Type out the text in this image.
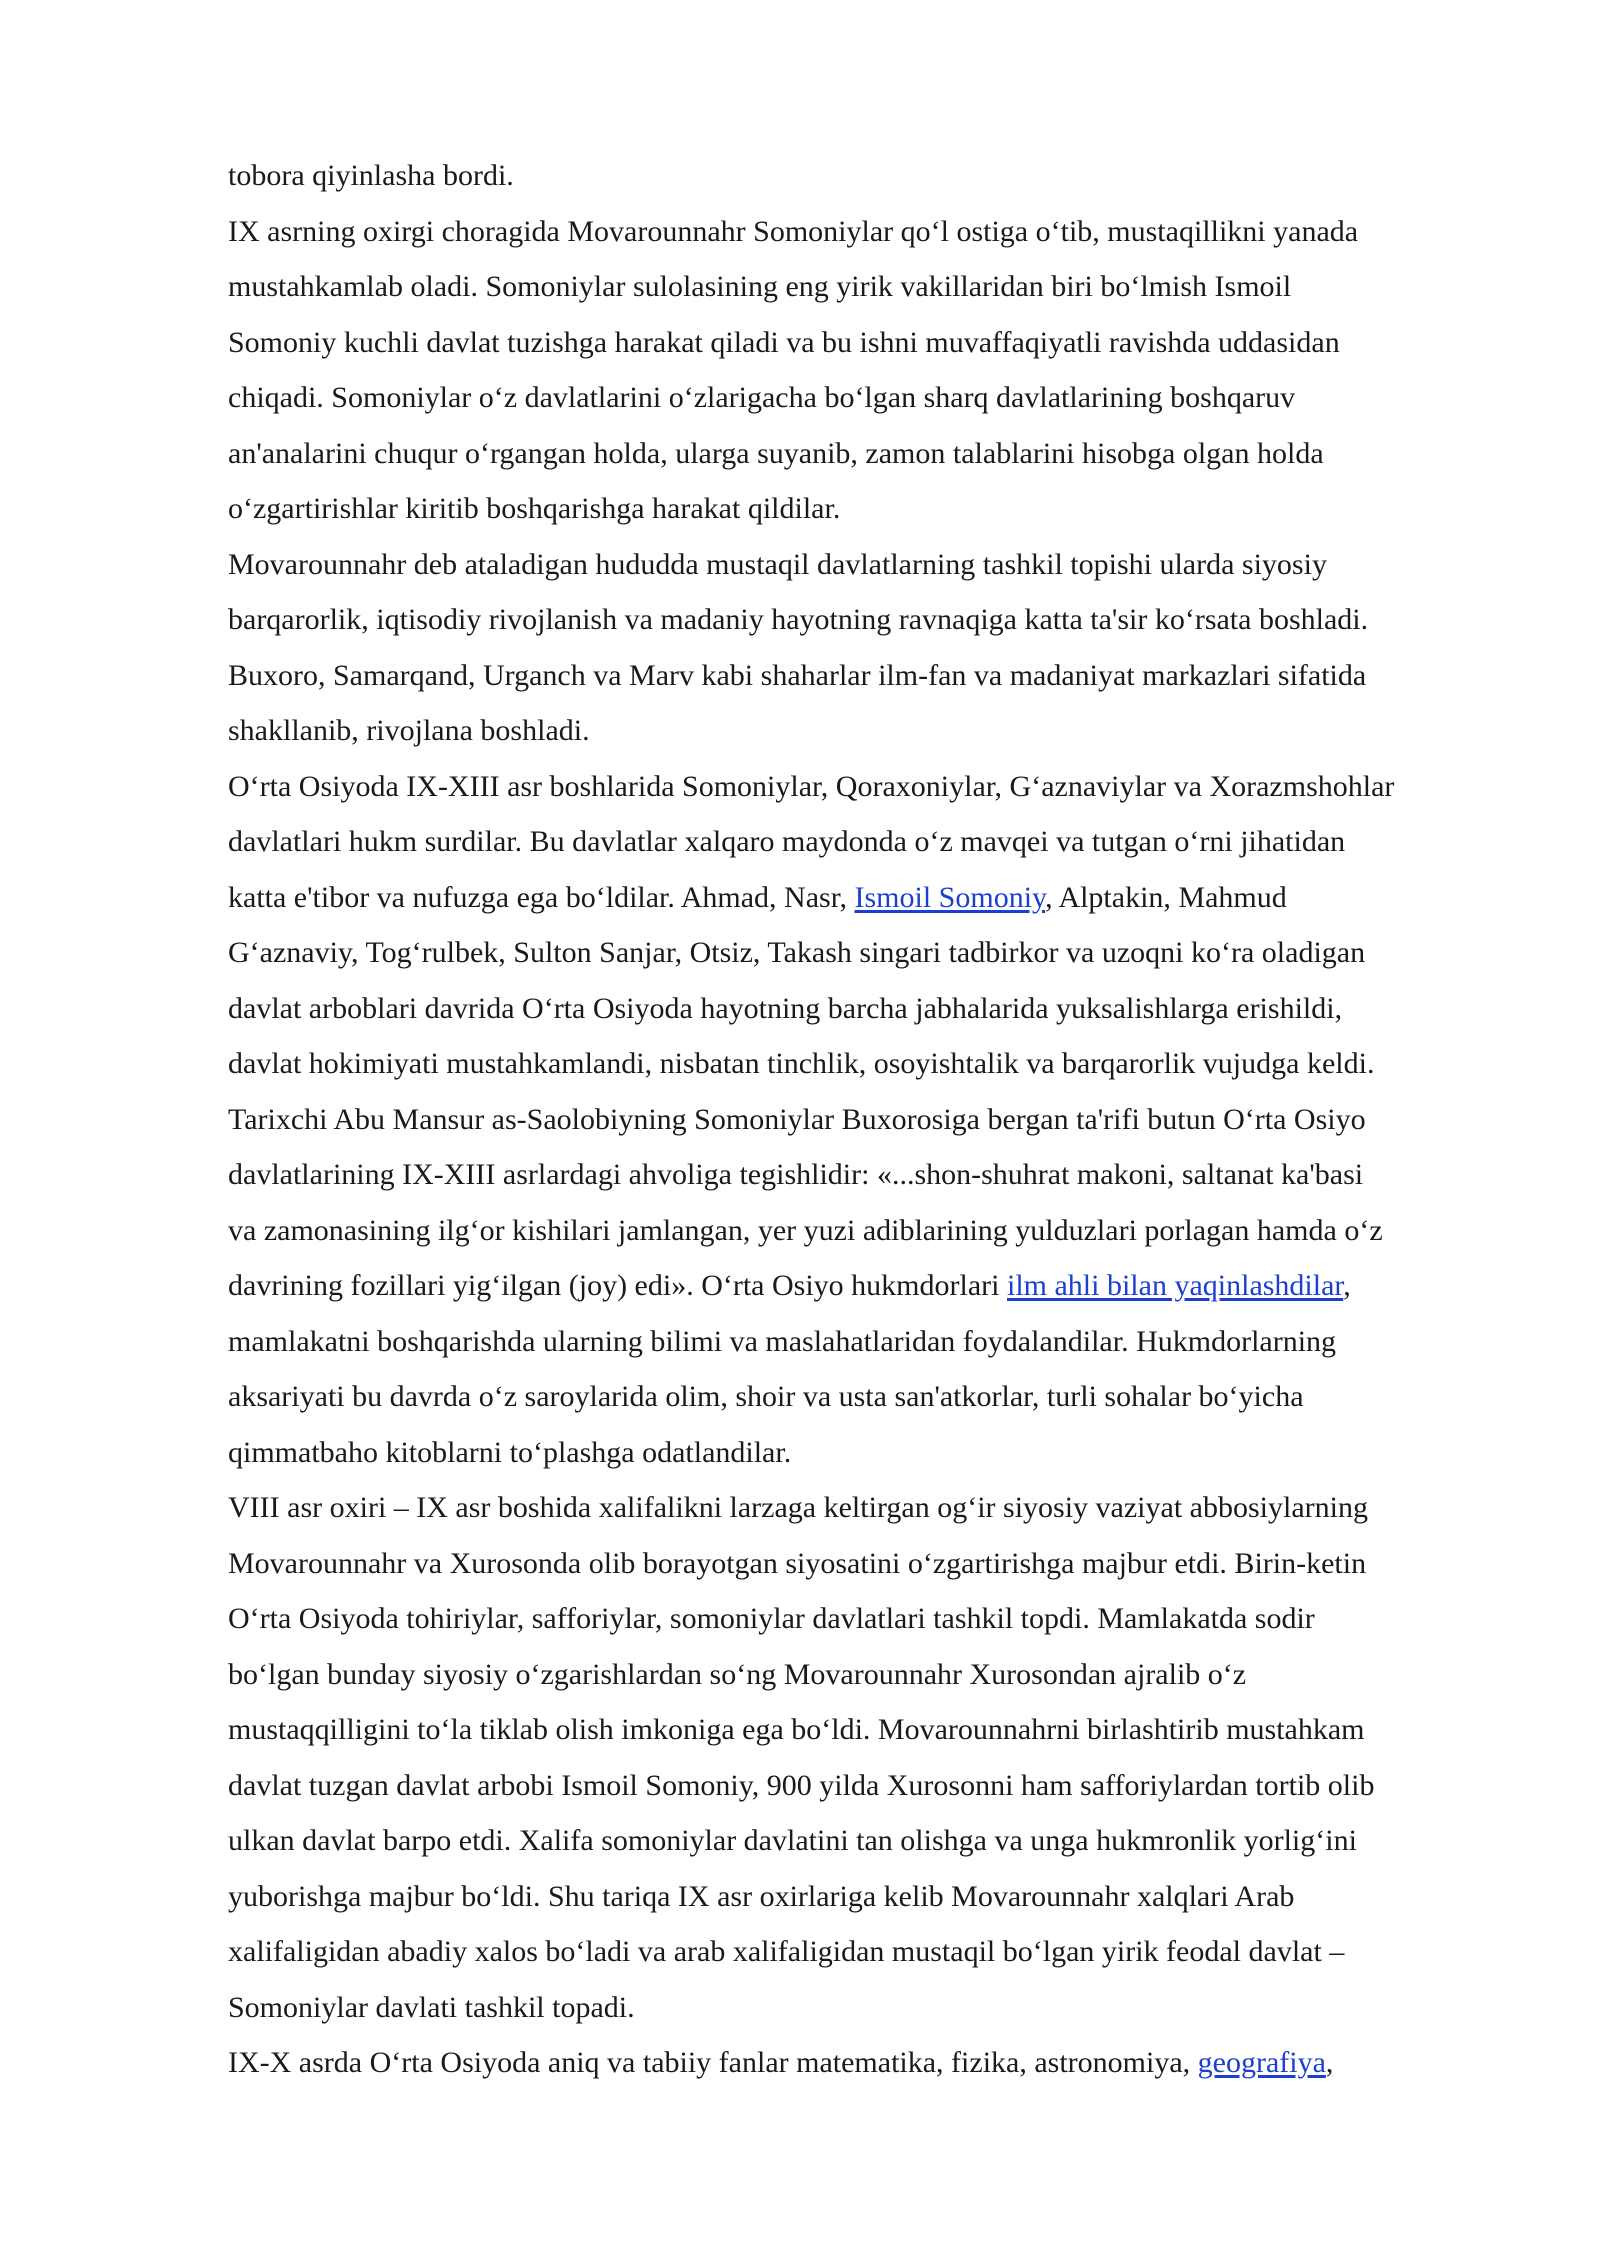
tobora qiyinlasha bordi.
IX asrning oxirgi choragida Movarounnahr Somoniylar qo‘l ostiga o‘tib, mustaqillikni yanada
mustahkamlab oladi. Somoniylar sulolasining eng yirik vakillaridan biri bo‘lmish Ismoil
Somoniy kuchli davlat tuzishga harakat qiladi va bu ishni muvaffaqiyatli ravishda uddasidan
chiqadi. Somoniylar o‘z davlatlarini o‘zlarigacha bo‘lgan sharq davlatlarining boshqaruv
an'analarini chuqur o‘rgangan holda, ularga suyanib, zamon talablarini hisobga olgan holda
o‘zgartirishlar kiritib boshqarishga harakat qildilar.
Movarounnahr deb ataladigan hududda mustaqil davlatlarning tashkil topishi ularda siyosiy
barqarorlik, iqtisodiy rivojlanish va madaniy hayotning ravnaqiga katta ta'sir ko‘rsata boshladi.
Buxoro, Samarqand, Urganch va Marv kabi shaharlar ilm-fan va madaniyat markazlari sifatida
shakllanib, rivojlana boshladi.
O‘rta Osiyoda IX-XIII asr boshlarida Somoniylar, Qoraxoniylar, G‘aznaviylar va Xorazmshohlar
davlatlari hukm surdilar. Bu davlatlar xalqaro maydonda o‘z mavqei va tutgan o‘rni jihatidan
katta e'tibor va nufuzga ega bo‘ldilar. Ahmad, Nasr, Ismoil Somoniy, Alptakin, Mahmud
G‘aznaviy, Tog‘rulbek, Sulton Sanjar, Otsiz, Takash singari tadbirkor va uzoqni ko‘ra oladigan
davlat arboblari davrida O‘rta Osiyoda hayotning barcha jabhalarida yuksalishlarga erishildi,
davlat hokimiyati mustahkamlandi, nisbatan tinchlik, osoyishtalik va barqarorlik vujudga keldi.
Tarixchi Abu Mansur as-Saolobiyning Somoniylar Buxorosiga bergan ta'rifi butun O‘rta Osiyo
davlatlarining IX-XIII asrlardagi ahvoliga tegishlidir: «...shon-shuhrat makoni, saltanat ka'basi
va zamonasining ilg‘or kishilari jamlangan, yer yuzi adiblarining yulduzlari porlagan hamda o‘z
davrining fozillari yig‘ilgan (joy) edi». O‘rta Osiyo hukmdorlari ilm ahli bilan yaqinlashdilar,
mamlakatni boshqarishda ularning bilimi va maslahatlaridan foydalandilar. Hukmdorlarning
aksariyati bu davrda o‘z saroylarida olim, shoir va usta san'atkorlar, turli sohalar bo‘yicha
qimmatbaho kitoblarni to‘plashga odatlandilar.
VIII asr oxiri – IX asr boshida xalifalikni larzaga keltirgan og‘ir siyosiy vaziyat abbosiylarning
Movarounnahr va Xurosonda olib borayotgan siyosatini o‘zgartirishga majbur etdi. Birin-ketin
O‘rta Osiyoda tohiriylar, safforiylar, somoniylar davlatlari tashkil topdi. Mamlakatda sodir
bo‘lgan bunday siyosiy o‘zgarishlardan so‘ng Movarounnahr Xurosondan ajralib o‘z
mustaqqilligini to‘la tiklab olish imkoniga ega bo‘ldi. Movarounnahrni birlashtirib mustahkam
davlat tuzgan davlat arbobi Ismoil Somoniy, 900 yilda Xurosonni ham safforiylardan tortib olib
ulkan davlat barpo etdi. Xalifa somoniylar davlatini tan olishga va unga hukmronlik yorlig‘ini
yuborishga majbur bo‘ldi. Shu tariqa IX asr oxirlariga kelib Movarounnahr xalqlari Arab
xalifaligidan abadiy xalos bo‘ladi va arab xalifaligidan mustaqil bo‘lgan yirik feodal davlat –
Somoniylar davlati tashkil topadi.
IX-X asrda O‘rta Osiyoda aniq va tabiiy fanlar matematika, fizika, astronomiya, geografiya,
